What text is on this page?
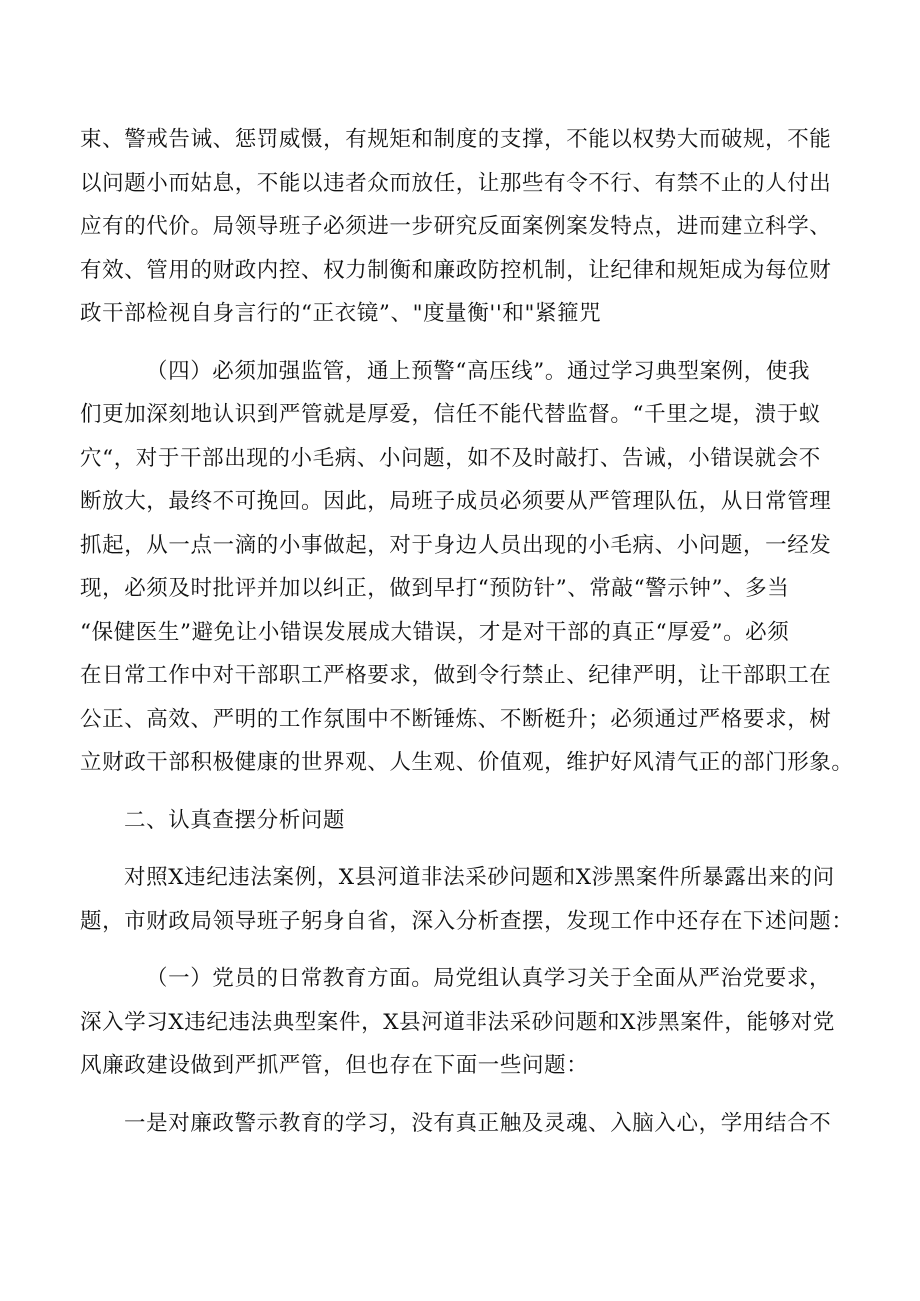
束、警戒告诫、惩罚威慑，有规矩和制度的支撑，不能以权势大而破规，不能
以问题小而姑息，不能以违者众而放任，让那些有令不行、有禁不止的人付出
应有的代价。局领导班子必须进一步研究反面案例案发特点，进而建立科学、
有效、管用的财政内控、权力制衡和廉政防控机制，让纪律和规矩成为每位财
政干部检视自身言行的“正衣镜”、"度量衡''和"紧箍咒
（四）必须加强监管，通上预警“高压线”。通过学习典型案例，使我
们更加深刻地认识到严管就是厚爱，信任不能代替监督。“千里之堤，溃于蚁
穴“，对于干部出现的小毛病、小问题，如不及时敲打、告诫，小错误就会不
断放大，最终不可挽回。因此，局班子成员必须要从严管理队伍，从日常管理
抓起，从一点一滴的小事做起，对于身边人员出现的小毛病、小问题，一经发
现，必须及时批评并加以纠正，做到早打“预防针”、常敲“警示钟”、多当
“保健医生”避免让小错误发展成大错误，才是对干部的真正“厚爱”。必须
在日常工作中对干部职工严格要求，做到令行禁止、纪律严明，让干部职工在
公正、高效、严明的工作氛围中不断锤炼、不断梃升；必须通过严格要求，树
立财政干部积极健康的世界观、人生观、价值观，维护好风清气正的部门形象。
二、认真查摆分析问题
对照X违纪违法案例，X县河道非法采砂问题和X涉黑案件所暴露出来的问
题，市财政局领导班子躬身自省，深入分析查摆，发现工作中还存在下述问题：
（一）党员的日常教育方面。局党组认真学习关于全面从严治党要求，
深入学习X违纪违法典型案件，X县河道非法采砂问题和X涉黑案件，能够对党
风廉政建设做到严抓严管，但也存在下面一些问题：
一是对廉政警示教育的学习，没有真正触及灵魂、入脑入心，学用结合不
